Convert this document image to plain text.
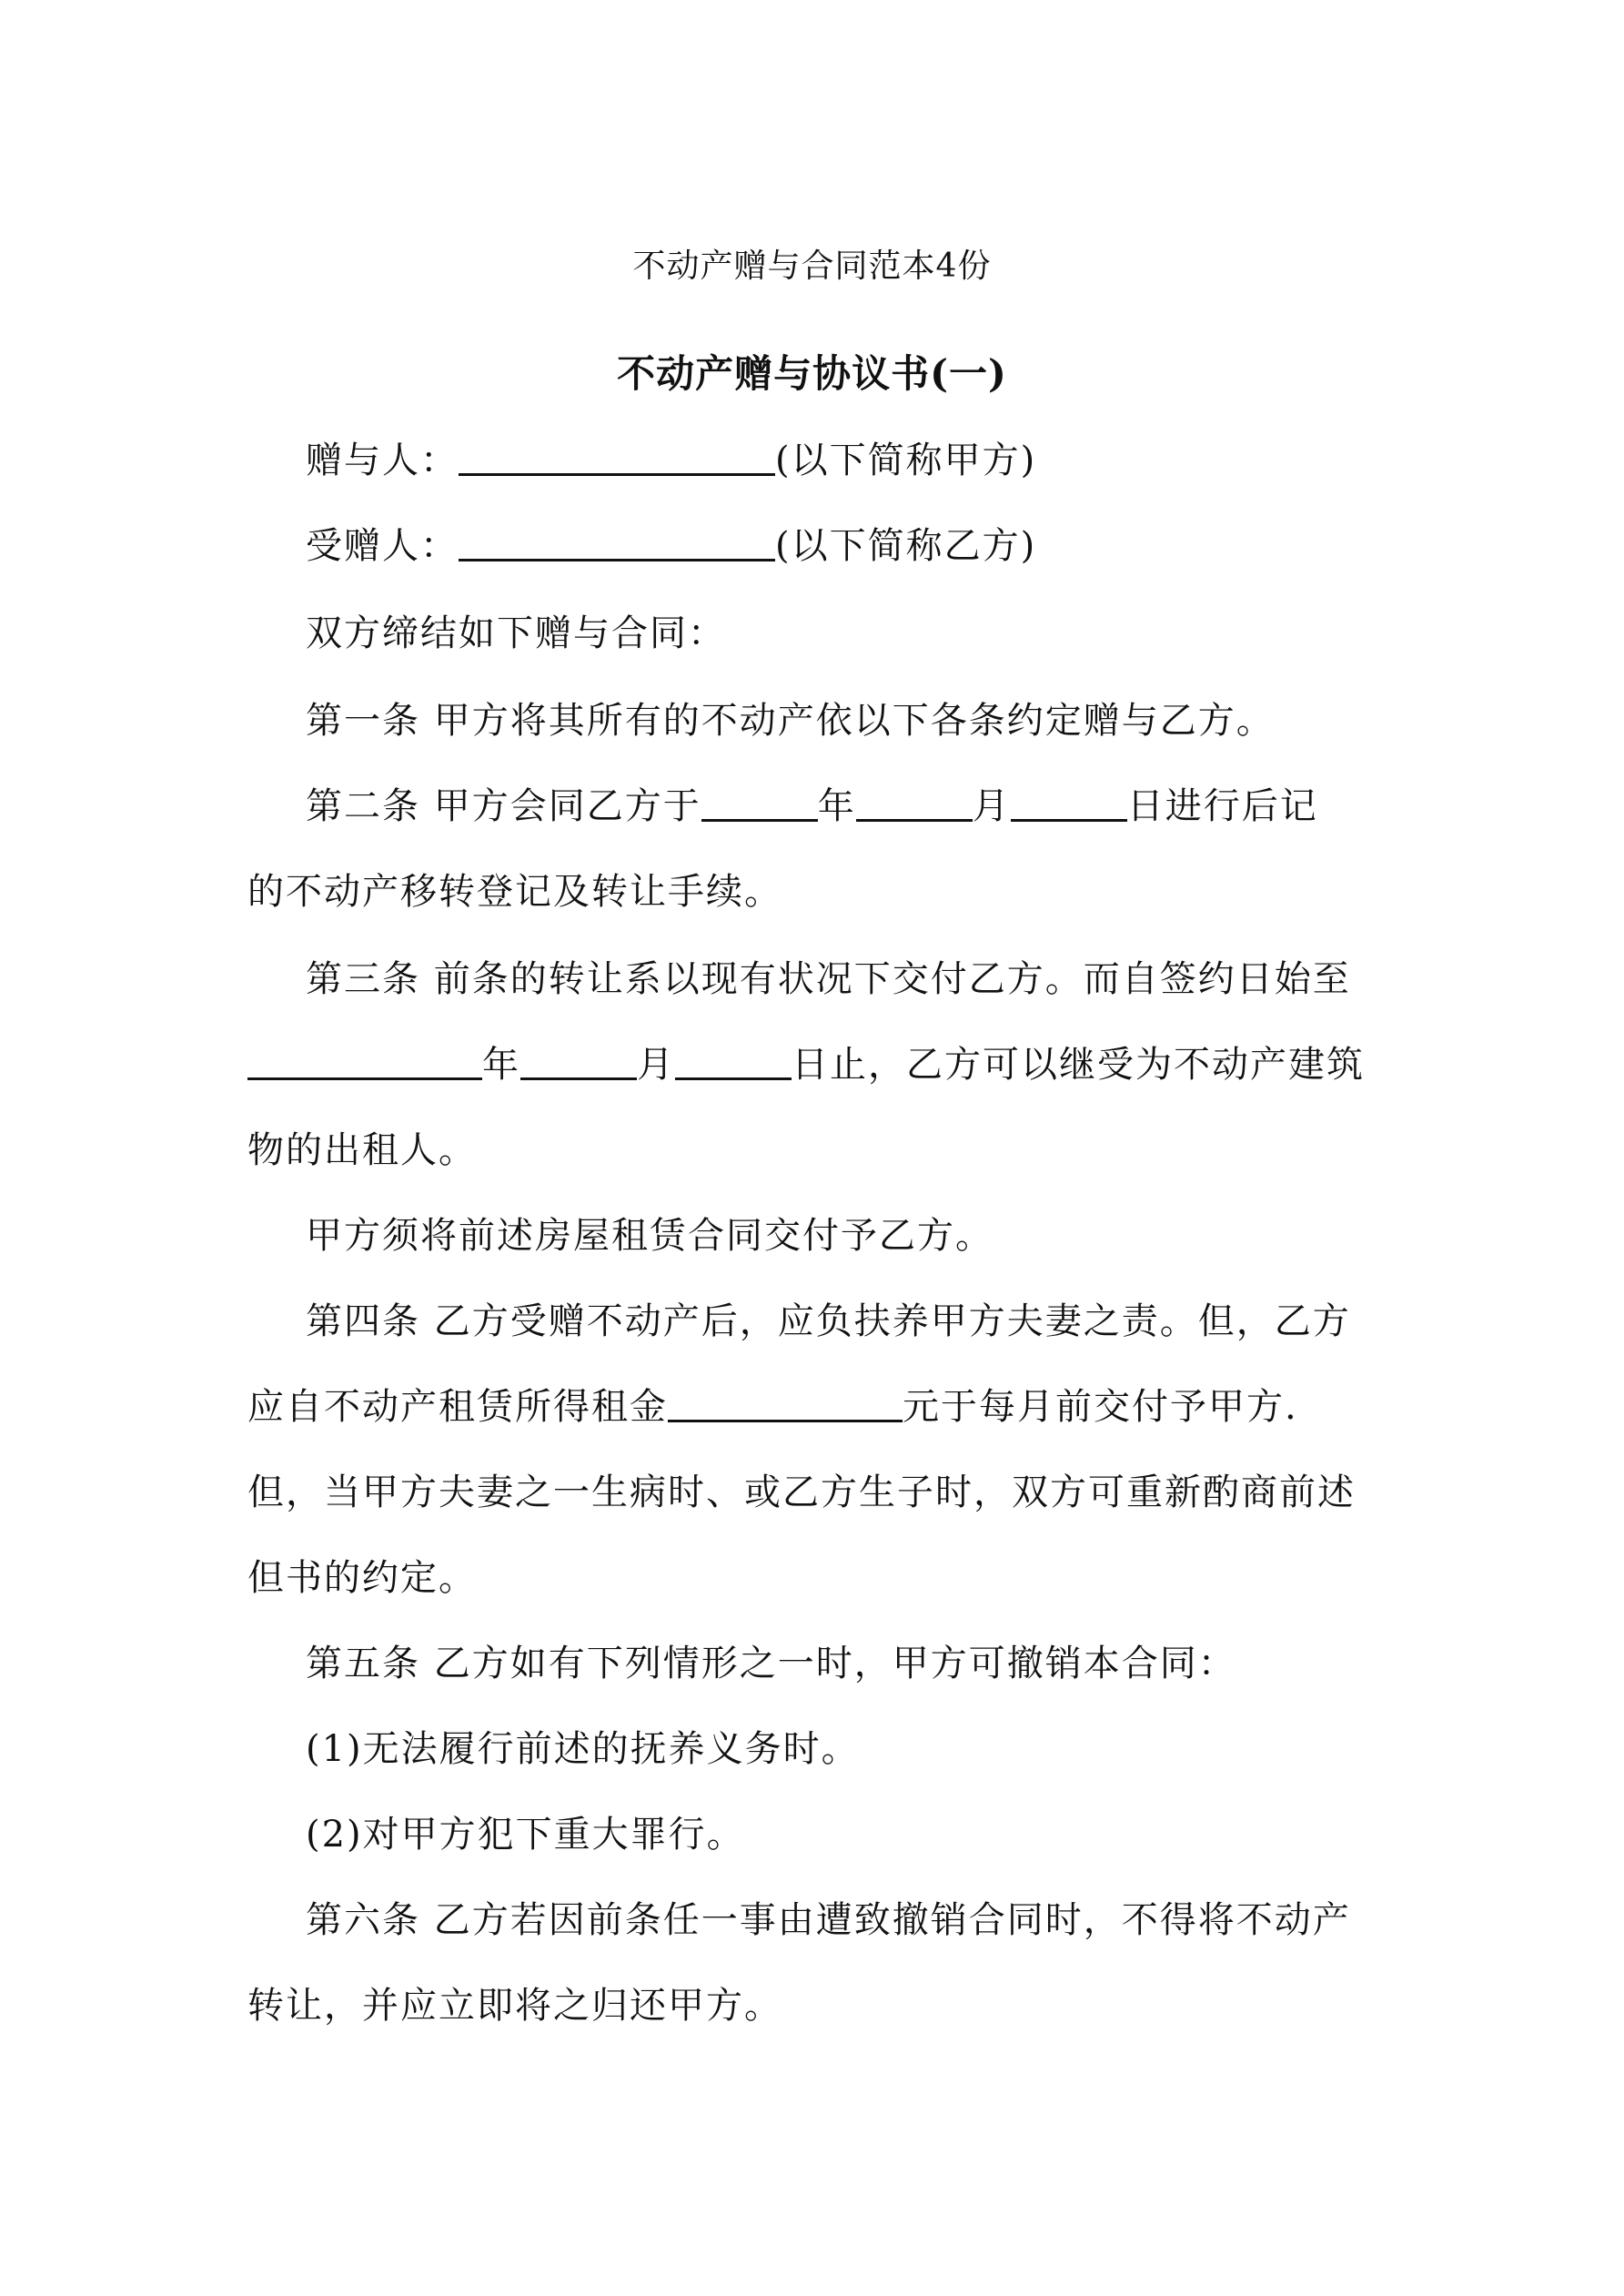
不动产赠与合同范本4份
不动产赠与协议书(一)
赠与人：	(以下简称甲方)
受赠人：	(以下简称乙方)
双方缔结如下赠与合同：
第一条 甲方将其所有的不动产依以下各条约定赠与乙方。
第二条 甲方会同乙方于	年	月	日进行后记
的不动产移转登记及转让手续。
第三条 前条的转让系以现有状况下交付乙方。而自签约日始至
年	月	日止，乙方可以继受为不动产建筑
物的出租人。
甲方须将前述房屋租赁合同交付予乙方。
第四条 乙方受赠不动产后，应负扶养甲方夫妻之责。但，乙方
应自不动产租赁所得租金	元于每月前交付予甲方.
但，当甲方夫妻之一生病时、或乙方生子时，双方可重新酌商前述
但书的约定。
第五条 乙方如有下列情形之一时，甲方可撤销本合同：
(1)无法履行前述的抚养义务时。
(2)对甲方犯下重大罪行。
第六条 乙方若因前条任一事由遭致撤销合同时，不得将不动产
转让，并应立即将之归还甲方。
